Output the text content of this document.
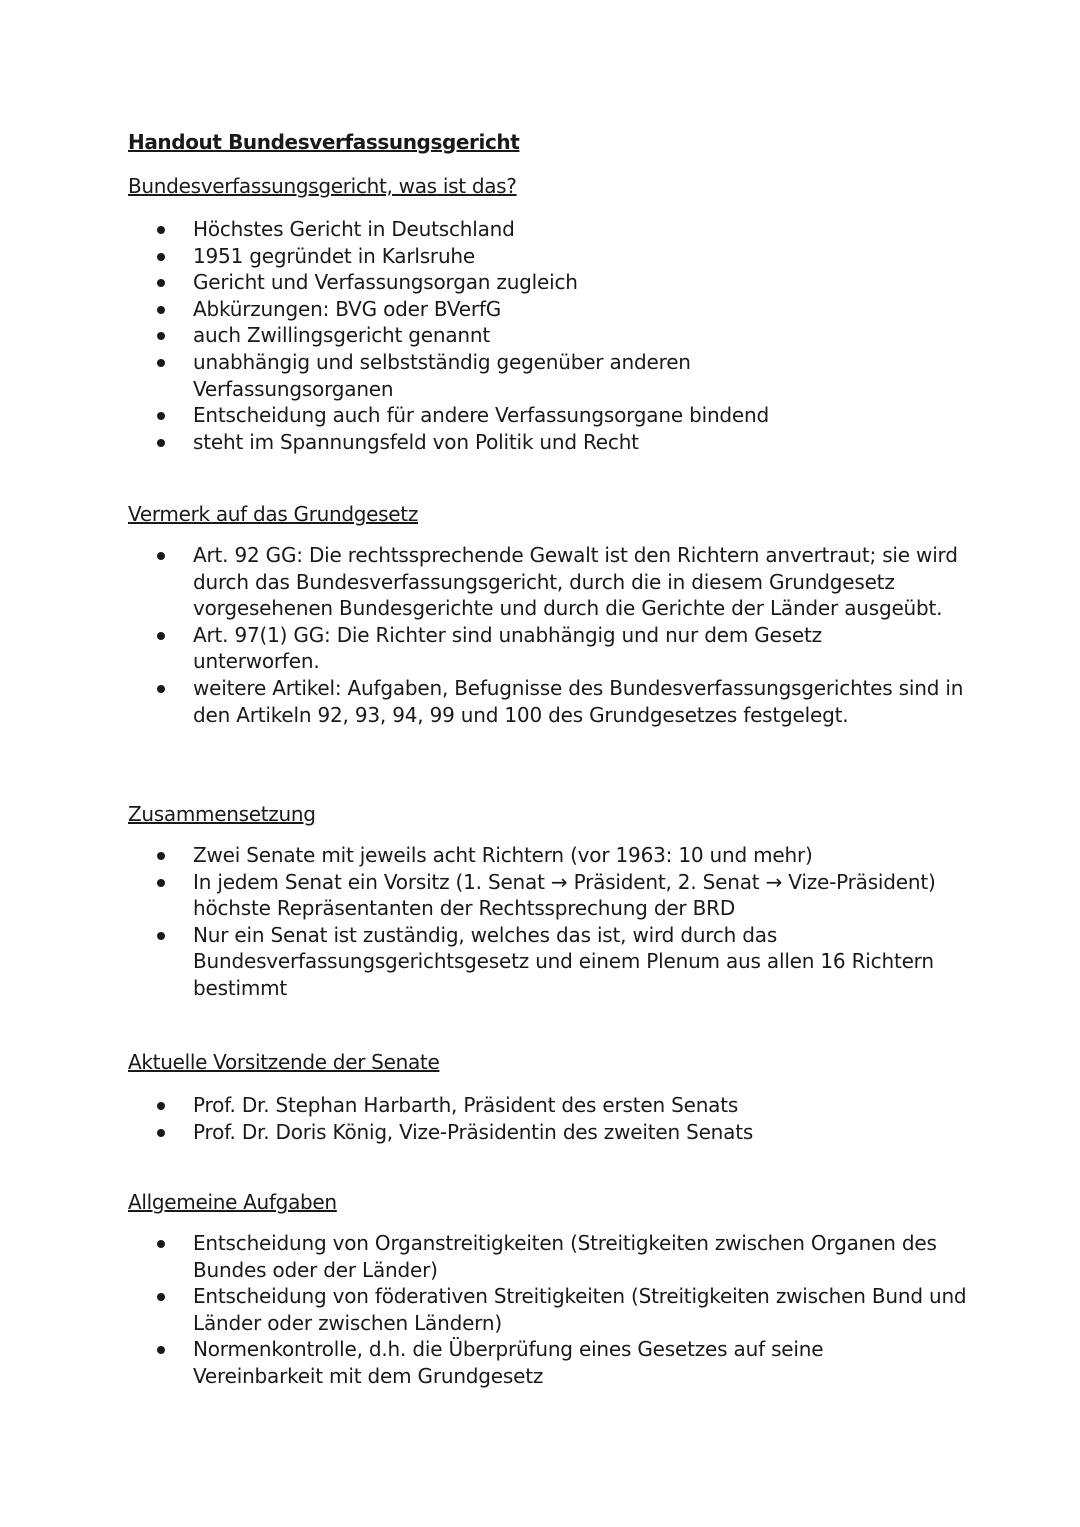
Handout Bundesverfassungsgericht
Bundesverfassungsgericht, was ist das?
Höchstes Gericht in Deutschland
1951 gegründet in Karlsruhe
Gericht und Verfassungsorgan zugleich
Abkürzungen: BVG oder BVerfG
auch Zwillingsgericht genannt
unabhängig und selbstständig gegenüber anderen Verfassungsorganen
Entscheidung auch für andere Verfassungsorgane bindend
steht im Spannungsfeld von Politik und Recht
Vermerk auf das Grundgesetz
Art. 92 GG: Die rechtssprechende Gewalt ist den Richtern anvertraut; sie wird durch das Bundesverfassungsgericht, durch die in diesem Grundgesetz vorgesehenen Bundesgerichte und durch die Gerichte der Länder ausgeübt.
Art. 97(1) GG: Die Richter sind unabhängig und nur dem Gesetz unterworfen.
weitere Artikel: Aufgaben, Befugnisse des Bundesverfassungsgerichtes sind in den Artikeln 92, 93, 94, 99 und 100 des Grundgesetzes festgelegt.
Zusammensetzung
Zwei Senate mit jeweils acht Richtern (vor 1963: 10 und mehr)
In jedem Senat ein Vorsitz (1. Senat → Präsident, 2. Senat → Vize-Präsident) höchste Repräsentanten der Rechtssprechung der BRD
Nur ein Senat ist zuständig, welches das ist, wird durch das Bundesverfassungsgerichtsgesetz und einem Plenum aus allen 16 Richtern bestimmt
Aktuelle Vorsitzende der Senate
Prof. Dr. Stephan Harbarth, Präsident des ersten Senats
Prof. Dr. Doris König, Vize-Präsidentin des zweiten Senats
Allgemeine Aufgaben
Entscheidung von Organstreitigkeiten (Streitigkeiten zwischen Organen des Bundes oder der Länder)
Entscheidung von föderativen Streitigkeiten (Streitigkeiten zwischen Bund und Länder oder zwischen Ländern)
Normenkontrolle, d.h. die Überprüfung eines Gesetzes auf seine Vereinbarkeit mit dem Grundgesetz
